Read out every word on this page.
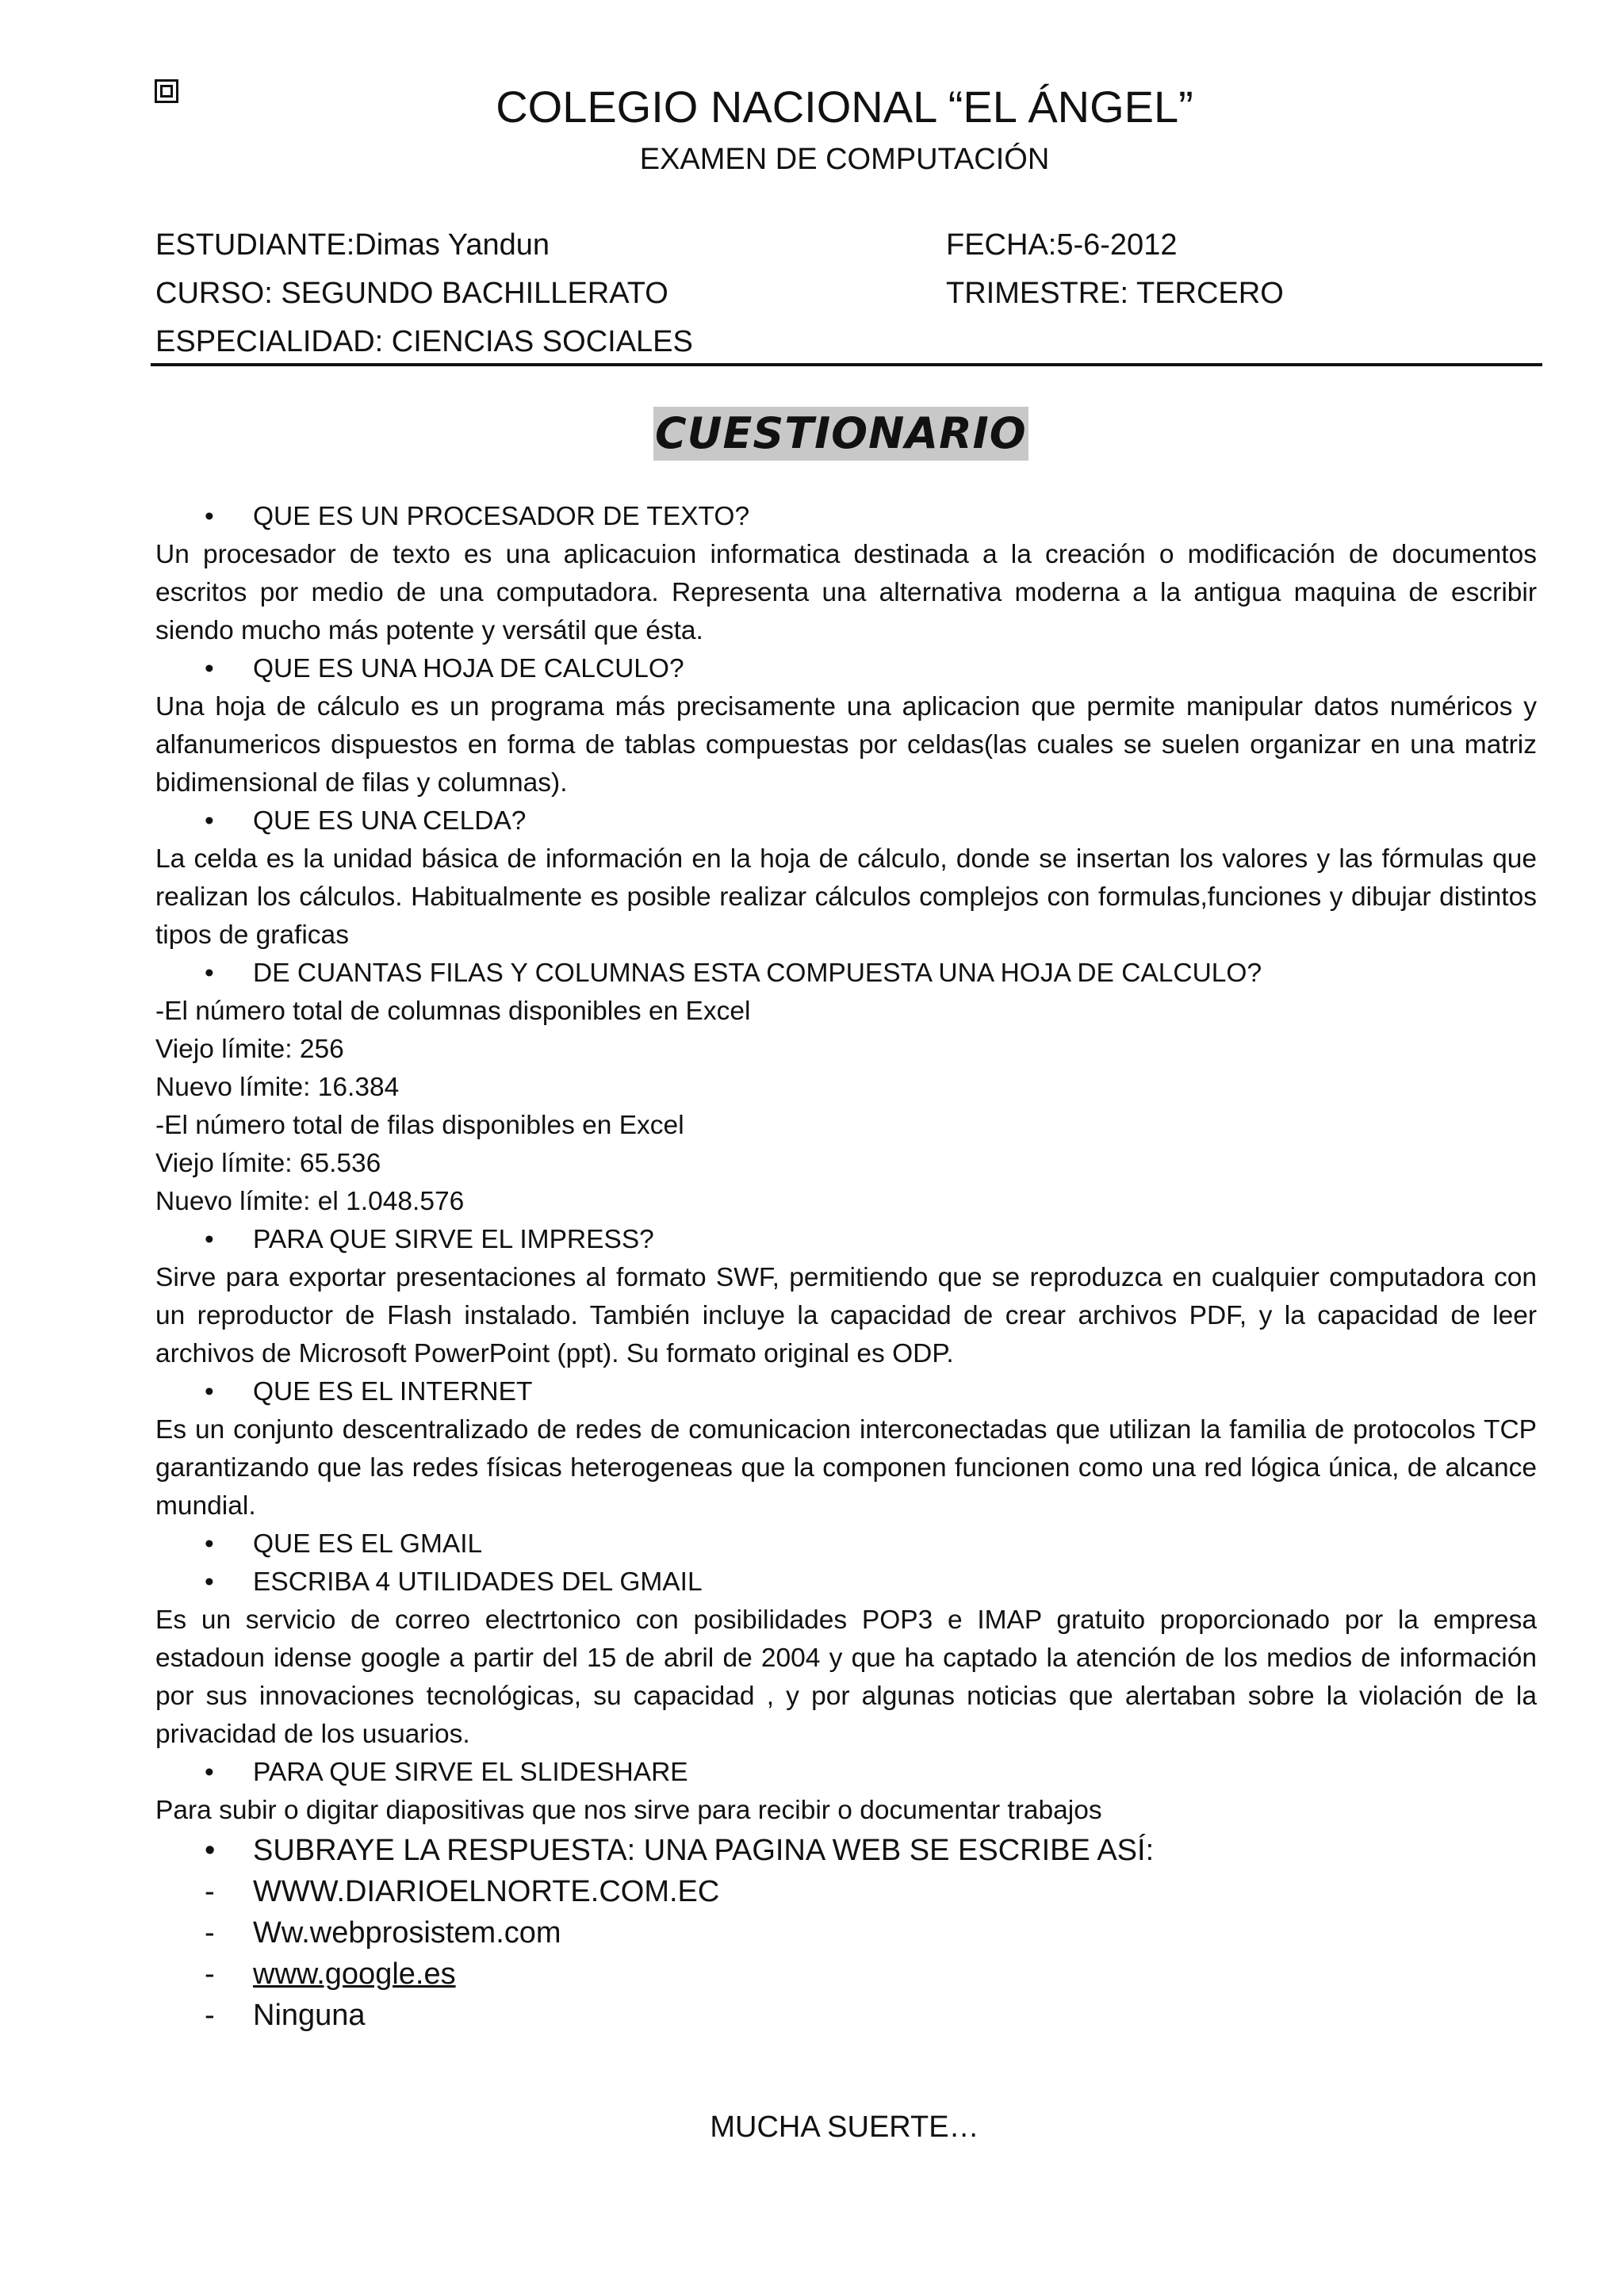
COLEGIO NACIONAL “EL ÁNGEL”
EXAMEN DE COMPUTACIÓN
ESTUDIANTE:Dimas Yandun	FECHA:5-6-2012
CURSO: SEGUNDO BACHILLERATO	TRIMESTRE: TERCERO
ESPECIALIDAD: CIENCIAS SOCIALES
CUESTIONARIO
• QUE ES UN PROCESADOR DE TEXTO?
Un procesador de texto es una aplicacuion informatica destinada a la creación o modificación de documentos escritos por medio de una computadora. Representa una alternativa moderna a la antigua maquina de escribir siendo mucho más potente y versátil que ésta.
• QUE ES UNA HOJA DE CALCULO?
Una hoja de cálculo es un programa más precisamente una aplicacion que permite manipular datos numéricos y alfanumericos dispuestos en forma de tablas compuestas por celdas(las cuales se suelen organizar en una matriz bidimensional de filas y columnas).
• QUE ES UNA CELDA?
La celda es la unidad básica de información en la hoja de cálculo, donde se insertan los valores y las fórmulas que realizan los cálculos. Habitualmente es posible realizar cálculos complejos con formulas,funciones y dibujar distintos tipos de graficas
• DE CUANTAS FILAS Y COLUMNAS ESTA COMPUESTA UNA HOJA DE CALCULO?
-El número total de columnas disponibles en Excel
Viejo límite: 256
Nuevo límite: 16.384
-El número total de filas disponibles en Excel
Viejo límite: 65.536
Nuevo límite: el 1.048.576
• PARA QUE SIRVE EL IMPRESS?
Sirve para exportar presentaciones al formato SWF, permitiendo que se reproduzca en cualquier computadora con un reproductor de Flash instalado. También incluye la capacidad de crear archivos PDF, y la capacidad de leer archivos de Microsoft PowerPoint (ppt). Su formato original es ODP.
• QUE ES EL INTERNET
Es un conjunto descentralizado de redes de comunicacion interconectadas que utilizan la familia de protocolos TCP garantizando que las redes físicas heterogeneas que la componen funcionen como una red lógica única, de alcance mundial.
• QUE ES EL GMAIL
• ESCRIBA 4 UTILIDADES DEL GMAIL
Es un servicio de correo electrtonico con posibilidades POP3 e IMAP gratuito proporcionado por la empresa estadoun idense google a partir del 15 de abril de 2004 y que ha captado la atención de los medios de información por sus innovaciones tecnológicas, su capacidad , y por algunas noticias que alertaban sobre la violación de la privacidad de los usuarios.
• PARA QUE SIRVE EL SLIDESHARE
Para subir o digitar diapositivas que nos sirve para recibir o documentar trabajos
• SUBRAYE LA RESPUESTA: UNA PAGINA WEB SE ESCRIBE ASÍ:
- WWW.DIARIOELNORTE.COM.EC
- Ww.webprosistem.com
- www.google.es
- Ninguna
MUCHA SUERTE…
